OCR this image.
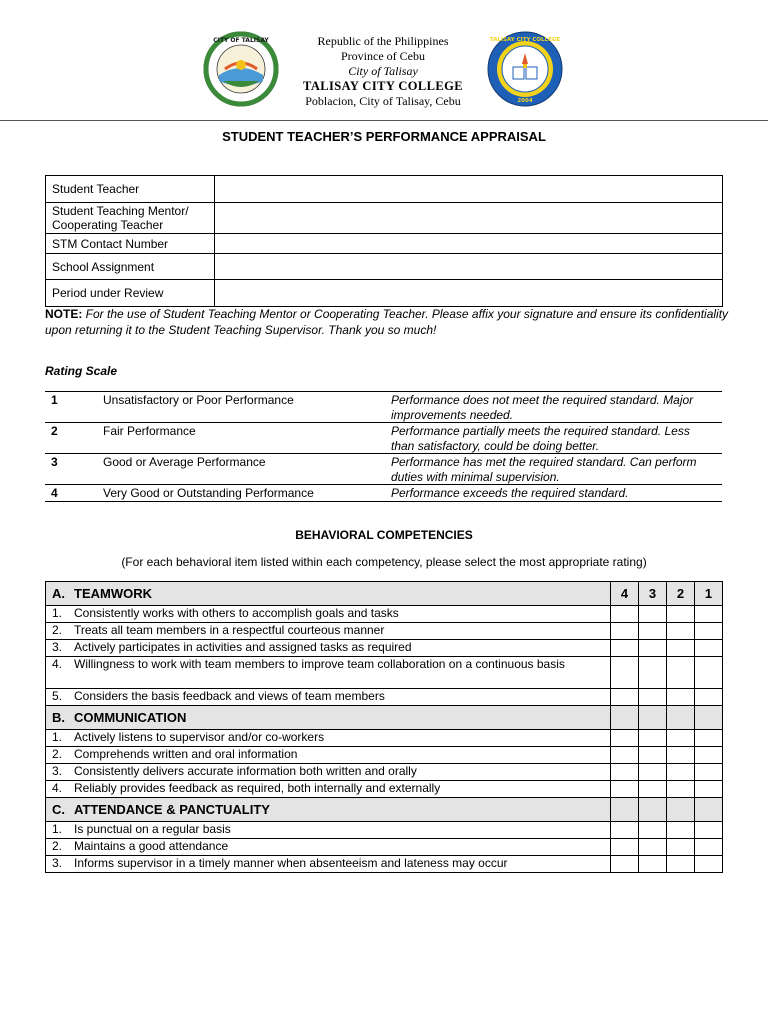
CITY OF TALISAY	Republic of the Philippines
Province of Cebu
City of Talisay
TALISAY CITY COLLEGE
Poblacion, City of Talisay, Cebu
TALISAY CITY COLLEGE
2004
STUDENT TEACHER’S PERFORMANCE APPRAISAL
Student Teacher	
Student Teaching Mentor/ Cooperating Teacher	
STM Contact Number	
School Assignment	
Period under Review	
NOTE: For the use of Student Teaching Mentor or Cooperating Teacher. Please affix your signature and ensure its confidentiality upon returning it to the Student Teaching Supervisor. Thank you so much!
Rating Scale
1	Unsatisfactory or Poor Performance	Performance does not meet the required standard. Major improvements needed.
2	Fair Performance	Performance partially meets the required standard. Less than satisfactory, could be doing better.
3	Good or Average Performance	Performance has met the required standard. Can perform duties with minimal supervision.
4	Very Good or Outstanding Performance	Performance exceeds the required standard.
BEHAVIORAL COMPETENCIES
(For each behavioral item listed within each competency, please select the most appropriate rating)
A. TEAMWORK	4	3	2	1
1. Consistently works with others to accomplish goals and tasks				
2. Treats all team members in a respectful courteous manner				
3. Actively participates in activities and assigned tasks as required				
4. Willingness to work with team members to improve team collaboration on a continuous basis				
5. Considers the basis feedback and views of team members				
B. COMMUNICATION				
1. Actively listens to supervisor and/or co-workers				
2. Comprehends written and oral information				
3. Consistently delivers accurate information both written and orally				
4. Reliably provides feedback as required, both internally and externally				
C. ATTENDANCE & PANCTUALITY				
1. Is punctual on a regular basis				
2. Maintains a good attendance				
3. Informs supervisor in a timely manner when absenteeism and lateness may occur				
